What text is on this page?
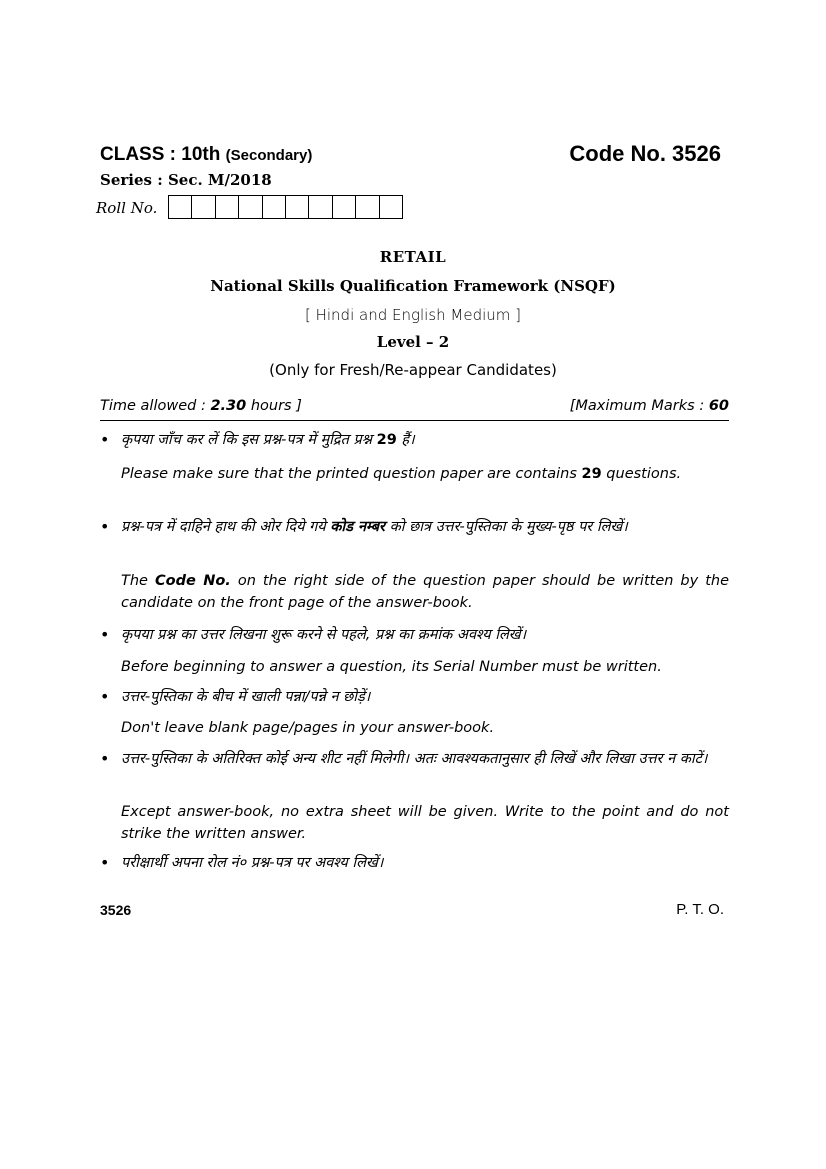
CLASS : 10th (Secondary)	Code No. 3526
Series : Sec. M/2018
Roll No.
RETAIL
National Skills Qualification Framework (NSQF)
[ Hindi and English Medium ]
Level – 2
(Only for Fresh/Re-appear Candidates)
Time allowed : 2.30 hours ]	[Maximum Marks : 60
• कृपया जाँच कर लें कि इस प्रश्न-पत्र में मुद्रित प्रश्न 29 हैं।
Please make sure that the printed question paper are contains 29 questions.
• प्रश्न-पत्र में दाहिने हाथ की ओर दिये गये कोड नम्बर को छात्र उत्तर-पुस्तिका के मुख्य-पृष्ठ पर लिखें।
The Code No. on the right side of the question paper should be written by the candidate on the front page of the answer-book.
• कृपया प्रश्न का उत्तर लिखना शुरू करने से पहले, प्रश्न का क्रमांक अवश्य लिखें।
Before beginning to answer a question, its Serial Number must be written.
• उत्तर-पुस्तिका के बीच में खाली पन्ना/पन्ने न छोड़ें।
Don't leave blank page/pages in your answer-book.
• उत्तर-पुस्तिका के अतिरिक्त कोई अन्य शीट नहीं मिलेगी। अतः आवश्यकतानुसार ही लिखें और लिखा उत्तर न काटें।
Except answer-book, no extra sheet will be given. Write to the point and do not strike the written answer.
• परीक्षार्थी अपना रोल नं० प्रश्न-पत्र पर अवश्य लिखें।
3526	P. T. O.
